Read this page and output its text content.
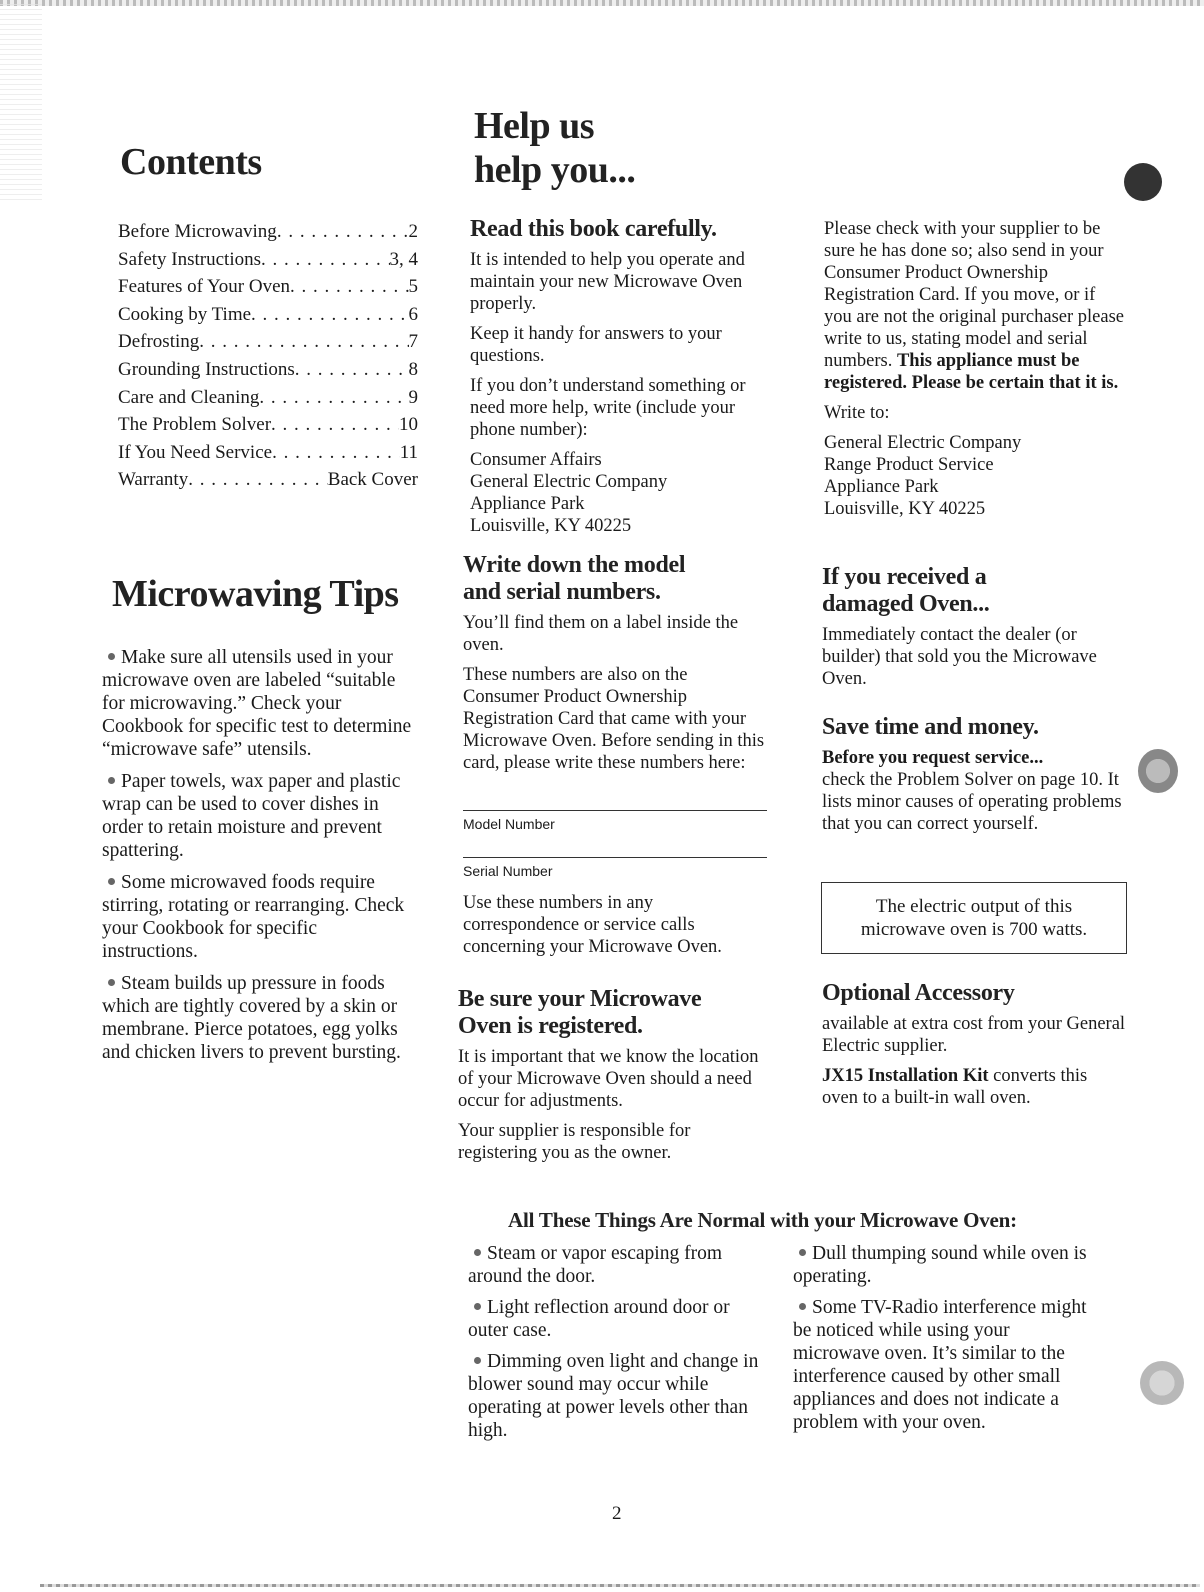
Contents
Before Microwaving . . .	2
Safety Instructions . . .	3, 4
Features of Your Oven . . .	5
Cooking by Time . . .	6
Defrosting . . .	7
Grounding Instructions . . .	8
Care and Cleaning . . .	9
The Problem Solver . . .	10
If You Need Service . . .	11
Warranty . . .	Back Cover
Microwaving Tips

Make sure all utensils used in your microwave oven are labeled “suitable for microwaving.” Check your Cookbook for specific test to determine “microwave safe” utensils.

Paper towels, wax paper and plastic wrap can be used to cover dishes in order to retain moisture and prevent spattering.

Some microwaved foods require stirring, rotating or rearranging. Check your Cookbook for specific instructions.

Steam builds up pressure in foods which are tightly covered by a skin or membrane. Pierce potatoes, egg yolks and chicken livers to prevent bursting.

Help us
help you...
Read this book carefully.

It is intended to help you operate and maintain your new Microwave Oven properly.

Keep it handy for answers to your questions.

If you don’t understand something or need more help, write (include your phone number):

Consumer Affairs
General Electric Company
Appliance Park
Louisville, KY 40225
Write down the model
and serial numbers.

You’ll find them on a label inside the oven.

These numbers are also on the Consumer Product Ownership Registration Card that came with your Microwave Oven. Before sending in this card, please write these numbers here:

Model Number
Serial Number

Use these numbers in any correspondence or service calls concerning your Microwave Oven.

Be sure your Microwave
Oven is registered.

It is important that we know the location of your Microwave Oven should a need occur for adjustments.

Your supplier is responsible for registering you as the owner.

Please check with your supplier to be sure he has done so; also send in your Consumer Product Ownership Registration Card. If you move, or if you are not the original purchaser please write to us, stating model and serial numbers. This appliance must be registered. Please be certain that it is.

Write to:

General Electric Company
Range Product Service
Appliance Park
Louisville, KY 40225
If you received a
damaged Oven...

Immediately contact the dealer (or builder) that sold you the Microwave Oven.

Save time and money.

Before you request service...
check the Problem Solver on page 10. It lists minor causes of operating problems that you can correct yourself.

The electric output of this microwave oven is 700 watts.
Optional Accessory

available at extra cost from your General Electric supplier.

JX15 Installation Kit converts this oven to a built-in wall oven.

All These Things Are Normal with your Microwave Oven:

Steam or vapor escaping from around the door.

Light reflection around door or outer case.

Dimming oven light and change in blower sound may occur while operating at power levels other than high.

Dull thumping sound while oven is operating.

Some TV-Radio interference might be noticed while using your microwave oven. It’s similar to the interference caused by other small appliances and does not indicate a problem with your oven.

2
